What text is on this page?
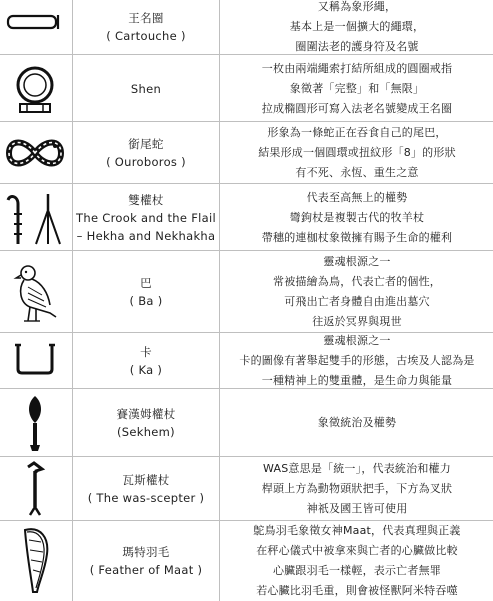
王名圈
( Cartouche )
又稱為象形繩，
基本上是一個擴大的繩環，
圈圍法老的護身符及名號
Shen
一枚由兩端繩索打結所組成的圓圈戒指
象徵著「完整」和「無限」
拉成橢圓形可寫入法老名號變成王名圈
銜尾蛇
( Ouroboros )
形象為一條蛇正在吞食自己的尾巴，
結果形成一個圓環或扭紋形「8」的形狀
有不死、永恆、重生之意
雙權杖
The Crook and the Flail
– Hekha and Nekhakha
代表至高無上的權勢
彎鉤杖是複製古代的牧羊杖
帶穗的連枷杖象徵擁有賜予生命的權利
巴
( Ba )
靈魂根源之一
常被描繪為鳥，代表亡者的個性，
可飛出亡者身體自由進出墓穴
往返於冥界與現世
卡
( Ka )
靈魂根源之一
卡的圖像有著舉起雙手的形態，古埃及人認為是
一種精神上的雙重體，是生命力與能量
賽漢姆權杖
(Sekhem)
象徵統治及權勢
瓦斯權杖
( The was-scepter )
WAS意思是「統一」，代表統治和權力
桿頭上方為動物頭狀把手，下方為叉狀
神祇及國王皆可使用
瑪特羽毛
( Feather of Maat )
鴕鳥羽毛象徵女神Maat，代表真理與正義
在秤心儀式中被拿來與亡者的心臟做比較
心臟跟羽毛一樣輕，表示亡者無罪
若心臟比羽毛重，則會被怪獸阿米特吞噬
